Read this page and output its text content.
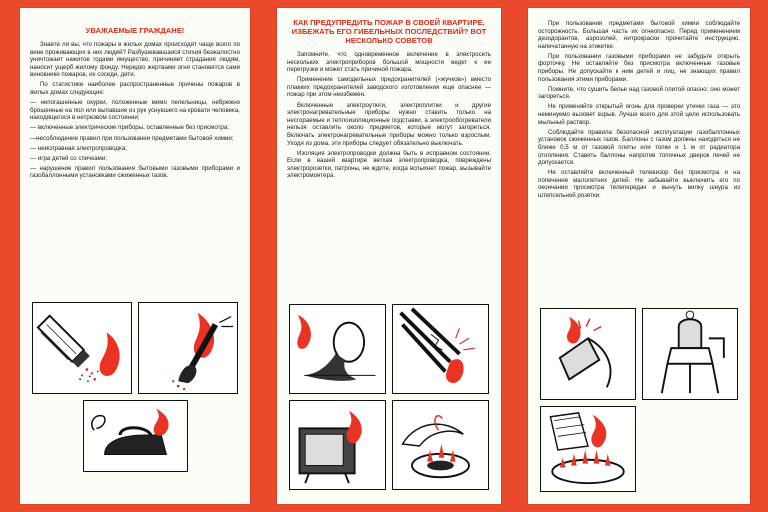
УВАЖАЕМЫЕ ГРАЖДАНЕ!

Знаете ли вы, что пожары в жилых домах происходят чаще всего по вине проживающих в них людей? Разбушевавшаяся стихия безжалостно уничтожает нажитое годами имущество, причиняет страдания людям, наносит ущерб жилому фонду. Нередко жертвами огня становятся сами виновники пожаров, их соседи, дети.

По статистике наиболее распространенные причины пожаров в жилых домах следующие:

— непогашенные окурки, положенные мимо пепельницы, небрежно брошенные на пол или выпавшие из рук уснувшего на кровати человека, находящегося в нетрезвом состоянии;

— включенные электрические приборы, оставленные без присмотра;

—несоблюдение правил при пользовании предметами бытовой химии;

— неисправная электропроводка;

— игра детей со спичками;

— нарушение правил пользования бытовыми газовыми приборами и газобаллонными установками сжиженных газов.

КАК ПРЕДУПРЕДИТЬ ПОЖАР В СВОЕЙ КВАРТИРЕ, ИЗБЕЖАТЬ ЕГО ГИБЕЛЬНЫХ ПОСЛЕДСТВИЙ? ВОТ НЕСКОЛЬКО СОВЕТОВ

Запомните, что одновременное включение в электросеть нескольких электроприборов большой мощности ведет к ее перегрузке и может стать причиной пожара.

Применение самодельных предохранителей («жучков») вместо плавких предохранителей заводского изготовления еще опаснее — пожар при этом неизбежен.

Включенные электроутюги, электроплитки и другие электронагревательные приборы нужно ставить только на несгораемые и теплоизоляционные подставки, а электрообогреватели нельзя оставлять около предметов, которые могут загореться. Включать электронагревательные приборы можно только взрослым. Уходя из дома, эти приборы следует обязательно выключать.

Изоляция электропроводки должна быть в исправном состоянии. Если в вашей квартире ветхая электропроводка, повреждены электророзетки, патроны, не ждите, когда вспыхнет пожар, вызывайте электромонтера.

При пользовании предметами бытовой химии соблюдайте осторожность. Большая часть их огнеопасно. Перед применением дезодорантов, аэрозолей, нитрокраски прочитайте инструкцию, напечатанную на этикетке.

При пользовании газовыми приборами не забудьте открыть форточку. Не оставляйте без присмотра включенные газовые приборы. Не допускайте к ним детей и лиц, не знающих правил пользования этими приборами.

Помните, что сушить белье над газовой плитой опасно: оно может загореться.

Не применяйте открытый огонь для проверки утечки газа — это неминуемо вызовет взрыв. Лучше всего для этой цели использовать мыльный раствор.

Соблюдайте правила безопасной эксплуатации газобаллонных установок сжиженных газов. Баллоны с газом должны находиться не ближе 0,5 м от газовой плиты или топки и 1 м от радиатора отопления. Ставить баллоны напротив топочных дверок печей не допускается.

Не оставляйте включенный телевизор без присмотра и на попечение малолетних детей. Не забывайте выключить его по окончании просмотра телепередач и вынуть вилку шнура из штепсельной розетки.
